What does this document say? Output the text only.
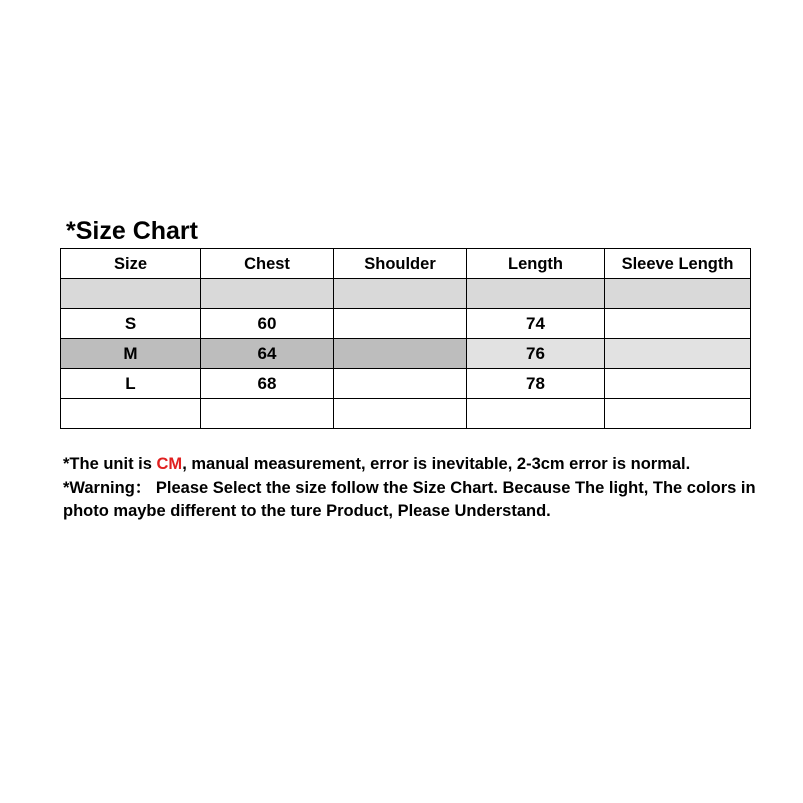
*Size Chart
Size	Chest	Shoulder	Length	Sleeve Length

S	60		74	
M	64		76	
L	68		78	

*The unit is CM, manual measurement, error is inevitable, 2-3cm error is normal.

*Warning： Please Select the size follow the Size Chart. Because The light, The colors in photo maybe different to the ture Product, Please Understand.
